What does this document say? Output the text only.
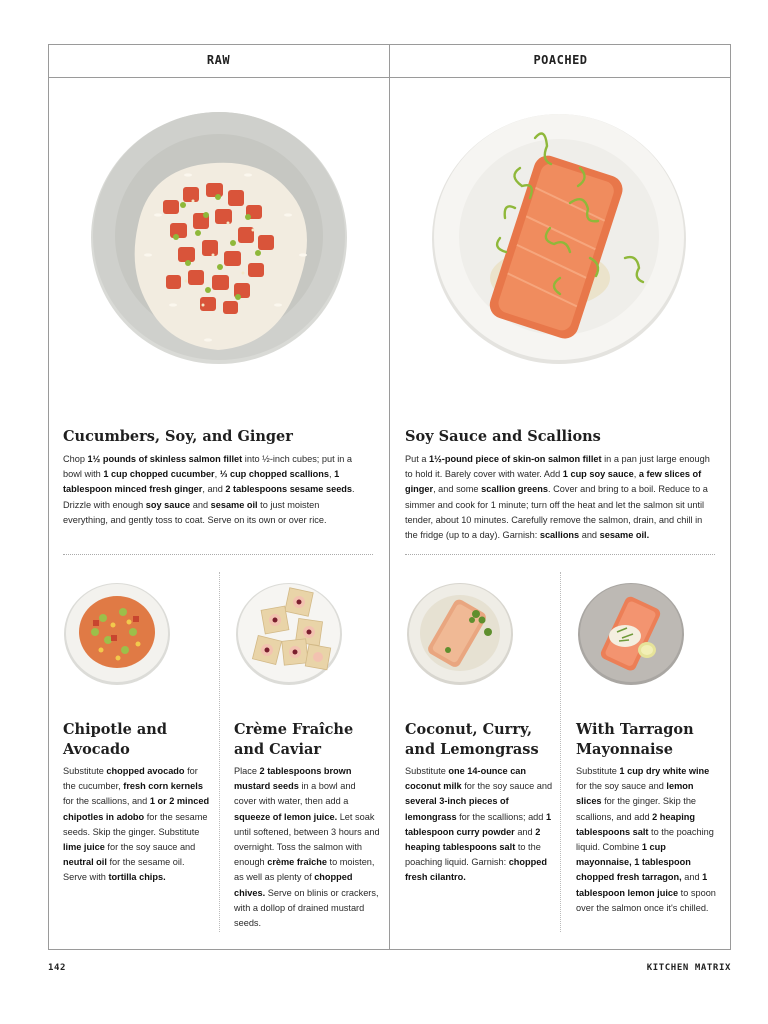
RAW	POACHED
Cucumbers, Soy, and Ginger
Chop 1½ pounds of skinless salmon fillet into ½-inch cubes; put in a bowl with 1 cup chopped cucumber, ⅓ cup chopped scallions, 1 tablespoon minced fresh ginger, and 2 tablespoons sesame seeds. Drizzle with enough soy sauce and sesame oil to just moisten everything, and gently toss to coat. Serve on its own or over rice.
Soy Sauce and Scallions
Put a 1½-pound piece of skin-on salmon fillet in a pan just large enough to hold it. Barely cover with water. Add 1 cup soy sauce, a few slices of ginger, and some scallion greens. Cover and bring to a boil. Reduce to a simmer and cook for 1 minute; turn off the heat and let the salmon sit until tender, about 10 minutes. Carefully remove the salmon, drain, and chill in the fridge (up to a day). Garnish: scallions and sesame oil.
Chipotle and Avocado
Substitute chopped avocado for the cucumber, fresh corn kernels for the scallions, and 1 or 2 minced chipotles in adobo for the sesame seeds. Skip the ginger. Substitute lime juice for the soy sauce and neutral oil for the sesame oil. Serve with tortilla chips.
Crème Fraîche and Caviar
Place 2 tablespoons brown mustard seeds in a bowl and cover with water, then add a squeeze of lemon juice. Let soak until softened, between 3 hours and overnight. Toss the salmon with enough crème fraîche to moisten, as well as plenty of chopped chives. Serve on blinis or crackers, with a dollop of drained mustard seeds.
Coconut, Curry, and Lemongrass
Substitute one 14-ounce can coconut milk for the soy sauce and several 3-inch pieces of lemongrass for the scallions; add 1 tablespoon curry powder and 2 heaping tablespoons salt to the poaching liquid. Garnish: chopped fresh cilantro.
With Tarragon Mayonnaise
Substitute 1 cup dry white wine for the soy sauce and lemon slices for the ginger. Skip the scallions, and add 2 heaping tablespoons salt to the poaching liquid. Combine 1 cup mayonnaise, 1 tablespoon chopped fresh tarragon, and 1 tablespoon lemon juice to spoon over the salmon once it's chilled.
142	KITCHEN MATRIX
